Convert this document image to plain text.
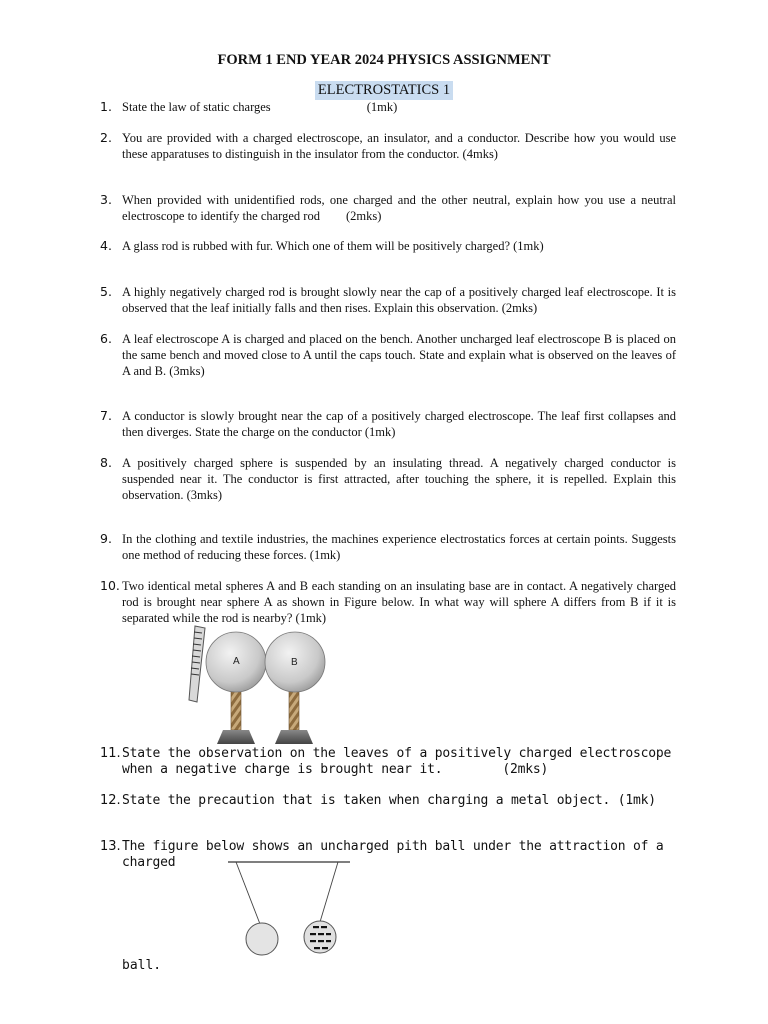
FORM 1 END YEAR 2024 PHYSICS ASSIGNMENT
ELECTROSTATICS 1
1. State the law of static charges	(1mk)
2. You are provided with a charged electroscope, an insulator, and a conductor. Describe how you would use these apparatuses to distinguish in the insulator from the conductor. (4mks)
3. When provided with unidentified rods, one charged and the other neutral, explain how you use a neutral electroscope to identify the charged rod (2mks)
4. A glass rod is rubbed with fur. Which one of them will be positively charged? (1mk)
5. A highly negatively charged rod is brought slowly near the cap of a positively charged leaf electroscope. It is observed that the leaf initially falls and then rises. Explain this observation. (2mks)
6. A leaf electroscope A is charged and placed on the bench. Another uncharged leaf electroscope B is placed on the same bench and moved close to A until the caps touch. State and explain what is observed on the leaves of A and B. (3mks)
7. A conductor is slowly brought near the cap of a positively charged electroscope. The leaf first collapses and then diverges. State the charge on the conductor (1mk)
8. A positively charged sphere is suspended by an insulating thread. A negatively charged conductor is suspended near it. The conductor is first attracted, after touching the sphere, it is repelled. Explain this observation. (3mks)
9. In the clothing and textile industries, the machines experience electrostatics forces at certain points. Suggests one method of reducing these forces. (1mk)
10. Two identical metal spheres A and B each standing on an insulating base are in contact. A negatively charged rod is brought near sphere A as shown in Figure below. In what way will sphere A differs from B if it is separated while the rod is nearby? (1mk)
A	B
11. State the observation on the leaves of a positively charged electroscope when a negative charge is brought near it.	(2mks)
12. State the precaution that is taken when charging a metal object. (1mk)
13. The figure below shows an uncharged pith ball under the attraction of a charged
ball.
